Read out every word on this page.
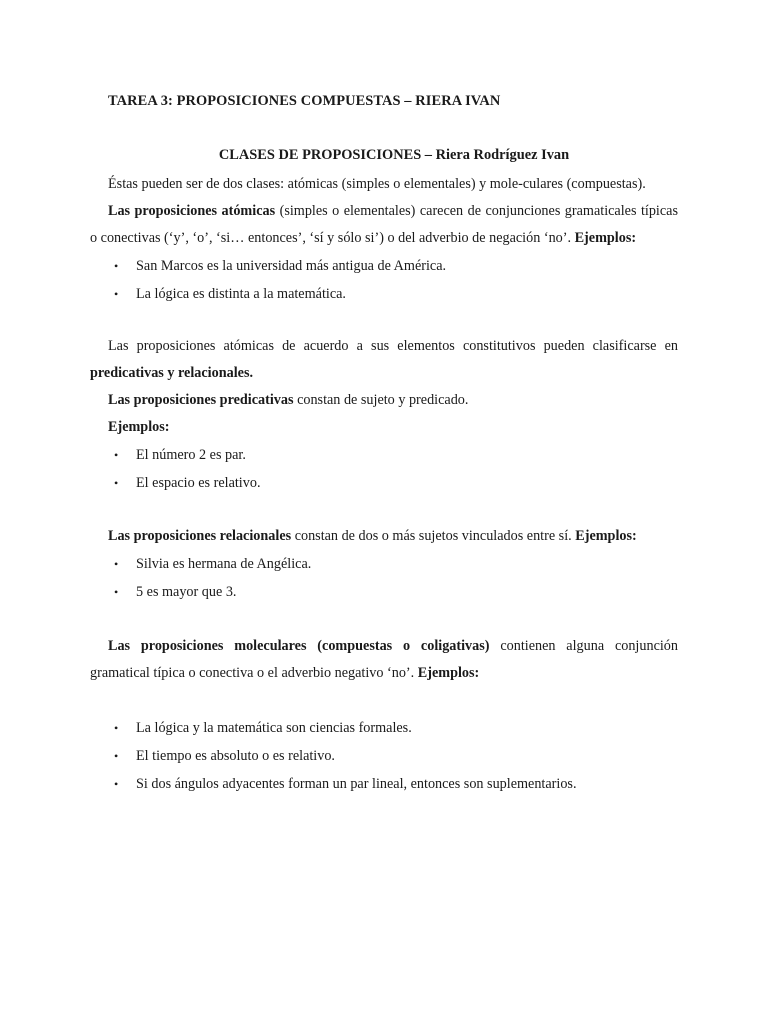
TAREA 3: PROPOSICIONES COMPUESTAS – RIERA IVAN
CLASES DE PROPOSICIONES – Riera Rodríguez Ivan

Éstas pueden ser de dos clases: atómicas (simples o elementales) y mole-culares (compuestas).

Las proposiciones atómicas (simples o elementales) carecen de conjunciones gramaticales típicas o conectivas (‘y’, ‘o’, ‘si… entonces’, ‘sí y sólo si’) o del adverbio de negación ‘no’. Ejemplos:

• San Marcos es la universidad más antigua de América.
• La lógica es distinta a la matemática.

Las proposiciones atómicas de acuerdo a sus elementos constitutivos pueden clasificarse en predicativas y relacionales.

Las proposiciones predicativas constan de sujeto y predicado.

Ejemplos:

• El número 2 es par.
• El espacio es relativo.

Las proposiciones relacionales constan de dos o más sujetos vinculados entre sí. Ejemplos:

• Silvia es hermana de Angélica.
• 5 es mayor que 3.

Las proposiciones moleculares (compuestas o coligativas) contienen alguna conjunción gramatical típica o conectiva o el adverbio negativo ‘no’. Ejemplos:

• La lógica y la matemática son ciencias formales.
• El tiempo es absoluto o es relativo.
• Si dos ángulos adyacentes forman un par lineal, entonces son suplementarios.
